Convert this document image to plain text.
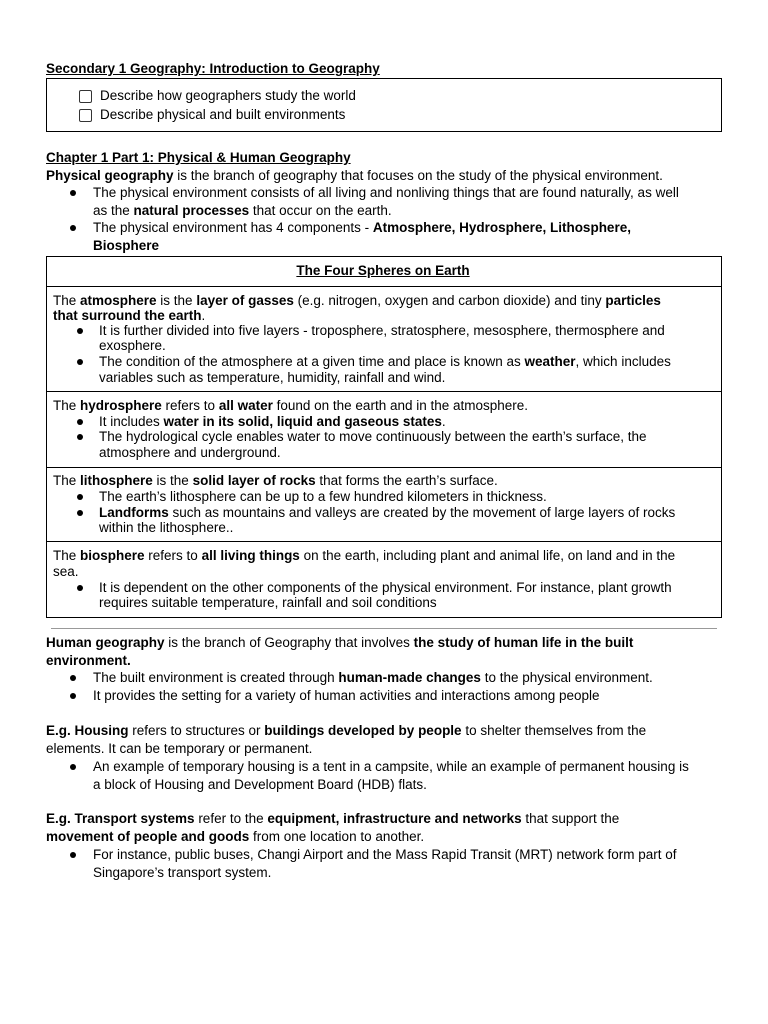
Secondary 1 Geography: Introduction to Geography
Describe how geographers study the world
Describe physical and built environments
Chapter 1 Part 1: Physical & Human Geography
Physical geography is the branch of geography that focuses on the study of the physical environment.
The physical environment consists of all living and nonliving things that are found naturally, as well
as the natural processes that occur on the earth.
The physical environment has 4 components - Atmosphere, Hydrosphere, Lithosphere,
Biosphere
The Four Spheres on Earth
The atmosphere is the layer of gasses (e.g. nitrogen, oxygen and carbon dioxide) and tiny particles
that surround the earth.
It is further divided into five layers - troposphere, stratosphere, mesosphere, thermosphere and
exosphere.
The condition of the atmosphere at a given time and place is known as weather, which includes
variables such as temperature, humidity, rainfall and wind.
The hydrosphere refers to all water found on the earth and in the atmosphere.
It includes water in its solid, liquid and gaseous states.
The hydrological cycle enables water to move continuously between the earth’s surface, the
atmosphere and underground.
The lithosphere is the solid layer of rocks that forms the earth’s surface.
The earth’s lithosphere can be up to a few hundred kilometers in thickness.
Landforms such as mountains and valleys are created by the movement of large layers of rocks
within the lithosphere..
The biosphere refers to all living things on the earth, including plant and animal life, on land and in the
sea.
It is dependent on the other components of the physical environment. For instance, plant growth
requires suitable temperature, rainfall and soil conditions
Human geography is the branch of Geography that involves the study of human life in the built
environment.
The built environment is created through human-made changes to the physical environment.
It provides the setting for a variety of human activities and interactions among people
E.g. Housing refers to structures or buildings developed by people to shelter themselves from the
elements. It can be temporary or permanent.
An example of temporary housing is a tent in a campsite, while an example of permanent housing is
a block of Housing and Development Board (HDB) flats.
E.g. Transport systems refer to the equipment, infrastructure and networks that support the
movement of people and goods from one location to another.
For instance, public buses, Changi Airport and the Mass Rapid Transit (MRT) network form part of
Singapore’s transport system.
